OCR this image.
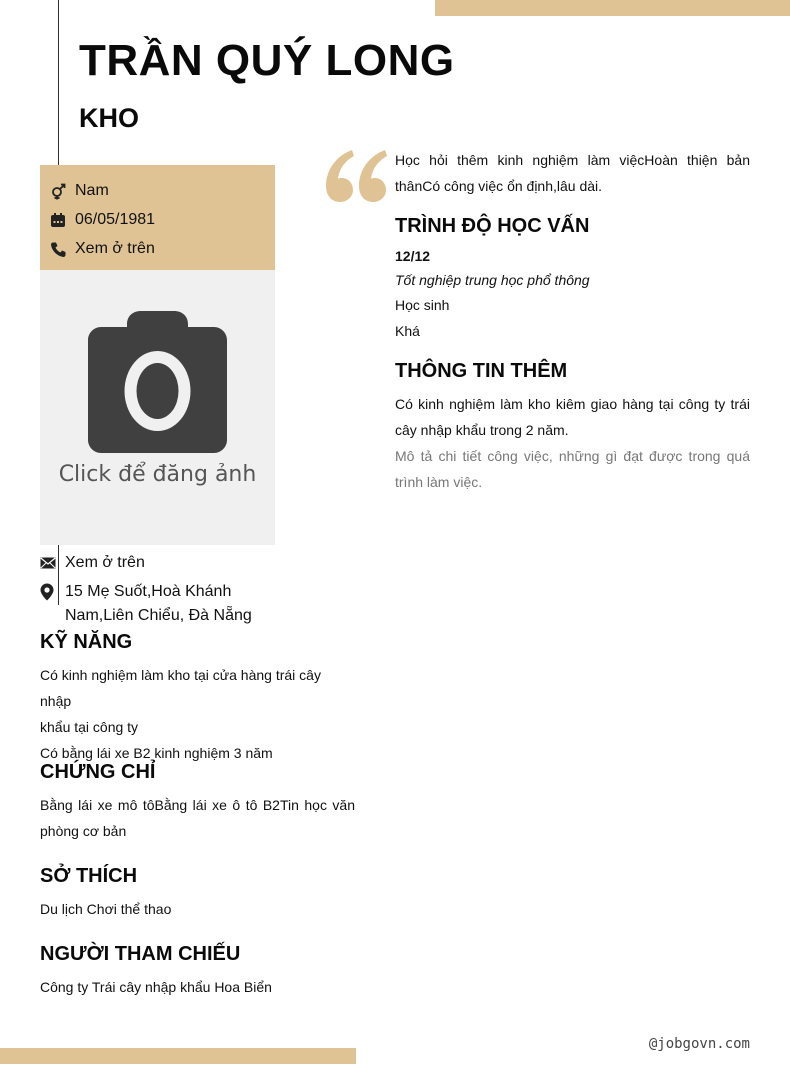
TRẦN QUÝ LONG
KHO
Nam
06/05/1981
Xem ở trên
Click để đăng ảnh
Xem ở trên
15 Mẹ Suốt,Hoà Khánh
Nam,Liên Chiểu, Đà Nẵng
KỸ NĂNG
Có kinh nghiệm làm kho tại cửa hàng trái cây nhập
khẩu tại công ty
Có bằng lái xe B2 kinh nghiệm 3 năm
CHỨNG CHỈ
Bằng lái xe mô tôBằng lái xe ô tô B2Tin học văn phòng cơ bản
SỞ THÍCH
Du lịch Chơi thể thao
NGƯỜI THAM CHIẾU
Công ty Trái cây nhập khẩu Hoa Biển
Học hỏi thêm kinh nghiệm làm việcHoàn thiện bản thânCó công việc ổn định,lâu dài.
TRÌNH ĐỘ HỌC VẤN
12/12
Tốt nghiệp trung học phổ thông
Học sinh
Khá
THÔNG TIN THÊM
Có kinh nghiệm làm kho kiêm giao hàng tại công ty trái cây nhập khẩu trong 2 năm.
Mô tả chi tiết công việc, những gì đạt được trong quá trình làm việc.
@jobgovn.com
